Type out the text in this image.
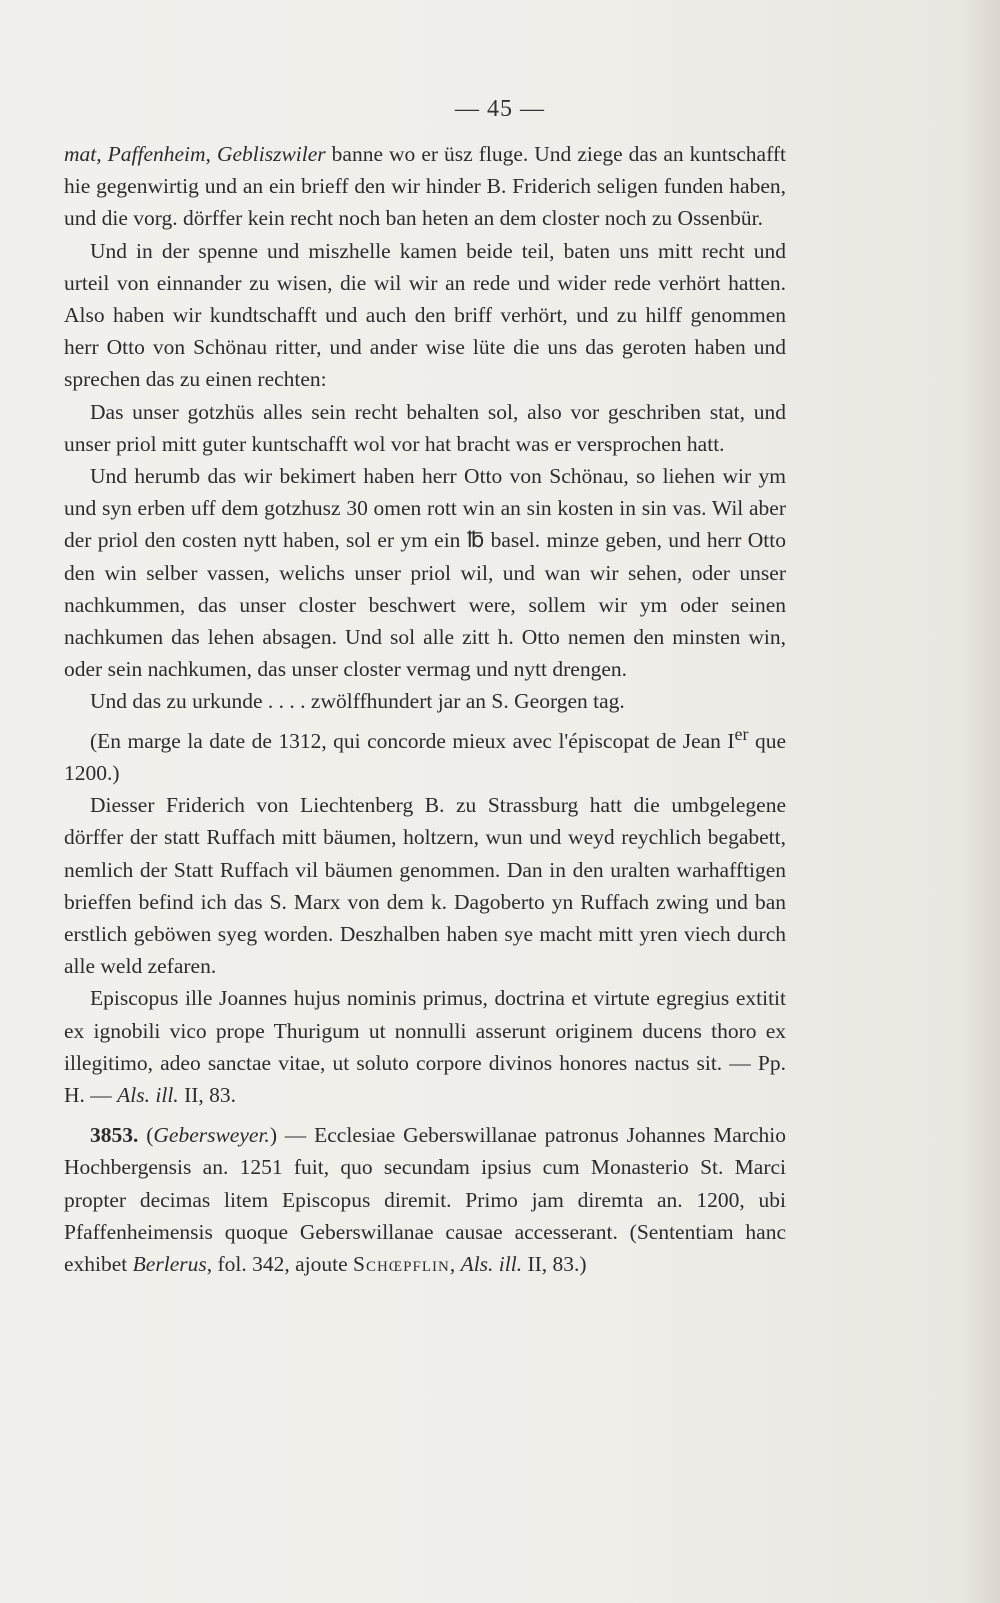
— 45 —

mat, Paffenheim, Gebliszwiler banne wo er üsz fluge. Und ziege das an kuntschafft hie gegenwirtig und an ein brieff den wir hinder B. Friderich seligen funden haben, und die vorg. dörffer kein recht noch ban heten an dem closter noch zu Ossenbür.

Und in der spenne und miszhelle kamen beide teil, baten uns mitt recht und urteil von einnander zu wisen, die wil wir an rede und wider rede verhört hatten. Also haben wir kundtschafft und auch den briff verhört, und zu hilff genommen herr Otto von Schönau ritter, und ander wise lüte die uns das geroten haben und sprechen das zu einen rechten:

Das unser gotzhüs alles sein recht behalten sol, also vor geschriben stat, und unser priol mitt guter kuntschafft wol vor hat bracht was er versprochen hatt.

Und herumb das wir bekimert haben herr Otto von Schönau, so liehen wir ym und syn erben uff dem gotzhusz 30 omen rott win an sin kosten in sin vas. Wil aber der priol den costen nytt haben, sol er ym ein ℔ basel. minze geben, und herr Otto den win selber vassen, welichs unser priol wil, und wan wir sehen, oder unser nachkummen, das unser closter beschwert were, sollem wir ym oder seinen nachkumen das lehen absagen. Und sol alle zitt h. Otto nemen den minsten win, oder sein nachkumen, das unser closter vermag und nytt drengen.

Und das zu urkunde . . . . zwölffhundert jar an S. Georgen tag.

(En marge la date de 1312, qui concorde mieux avec l'épiscopat de Jean Ier que 1200.)

Diesser Friderich von Liechtenberg B. zu Strassburg hatt die umbgelegene dörffer der statt Ruffach mitt bäumen, holtzern, wun und weyd reychlich begabett, nemlich der Statt Ruffach vil bäumen genommen. Dan in den uralten warhafftigen brieffen befind ich das S. Marx von dem k. Dagoberto yn Ruffach zwing und ban erstlich geböwen syeg worden. Deszhalben haben sye macht mitt yren viech durch alle weld zefaren.

Episcopus ille Joannes hujus nominis primus, doctrina et virtute egregius extitit ex ignobili vico prope Thurigum ut nonnulli asserunt originem ducens thoro ex illegitimo, adeo sanctae vitae, ut soluto corpore divinos honores nactus sit. — Pp. H. — Als. ill. II, 83.

3853. (Gebersweyer.) — Ecclesiae Geberswillanae patronus Johannes Marchio Hochbergensis an. 1251 fuit, quo secundam ipsius cum Monasterio St. Marci propter decimas litem Episcopus diremit. Primo jam diremta an. 1200, ubi Pfaffenheimensis quoque Geberswillanae causae accesserant. (Sententiam hanc exhibet Berlerus, fol. 342, ajoute Schœpflin, Als. ill. II, 83.)
